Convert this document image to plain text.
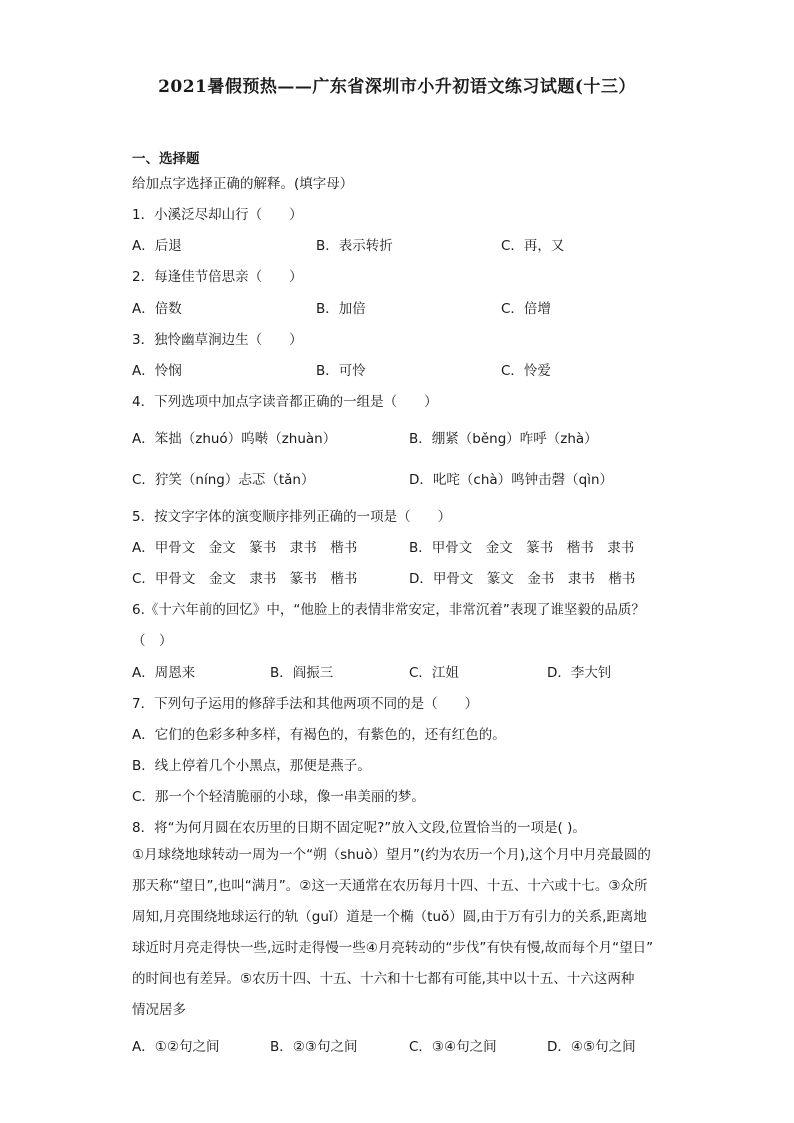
2021暑假预热——广东省深圳市小升初语文练习试题(十三）
一、选择题
给加点字选择正确的解释。(填字母）
1．小溪泛尽却山行（　　）
A．后退	B．表示转折	C．再，又
2．每逢佳节倍思亲（　　）
A．倍数	B．加倍	C．倍增
3．独怜幽草涧边生（　　）
A．怜悯	B．可怜	C．怜爱
4．下列选项中加点字读音都正确的一组是（　　）
A．笨拙（zhuó）呜啭（zhuàn）	B．绷紧（běng）咋呼（zhà）
C．狞笑（níng）忐忑（tǎn）	D．叱咤（chà）鸣钟击磬（qìn）
5．按文字字体的演变顺序排列正确的一项是（　　）
A．甲骨文　金文　篆书　隶书　楷书	B．甲骨文　金文　篆书　楷书　隶书
C．甲骨文　金文　隶书　篆书　楷书	D．甲骨文　篆文　金书　隶书　楷书
6.《十六年前的回忆》中，“他脸上的表情非常安定，非常沉着”表现了谁坚毅的品质？
（　）
A．周恩来	B．阎振三	C．江姐	D．李大钊
7．下列句子运用的修辞手法和其他两项不同的是（　　）
A．它们的色彩多种多样，有褐色的，有紫色的，还有红色的。
B．线上停着几个小黑点，那便是燕子。
C．那一个个轻清脆丽的小球，像一串美丽的梦。
8．将“为何月圆在农历里的日期不固定呢?”放入文段,位置恰当的一项是( )。
①月球绕地球转动一周为一个“朔（shuò）望月”(约为农历一个月),这个月中月亮最圆的
那天称“望日”,也叫“满月”。②这一天通常在农历每月十四、十五、十六或十七。③众所
周知,月亮围绕地球运行的轨（guǐ）道是一个椭（tuǒ）圆,由于万有引力的关系,距离地
球近时月亮走得快一些,远时走得慢一些④月亮转动的“步伐”有快有慢,故而每个月“望日”
的时间也有差异。⑤农历十四、十五、十六和十七都有可能,其中以十五、十六这两种
情况居多
A．①②句之间	B．②③句之间	C．③④句之间	D．④⑤句之间
